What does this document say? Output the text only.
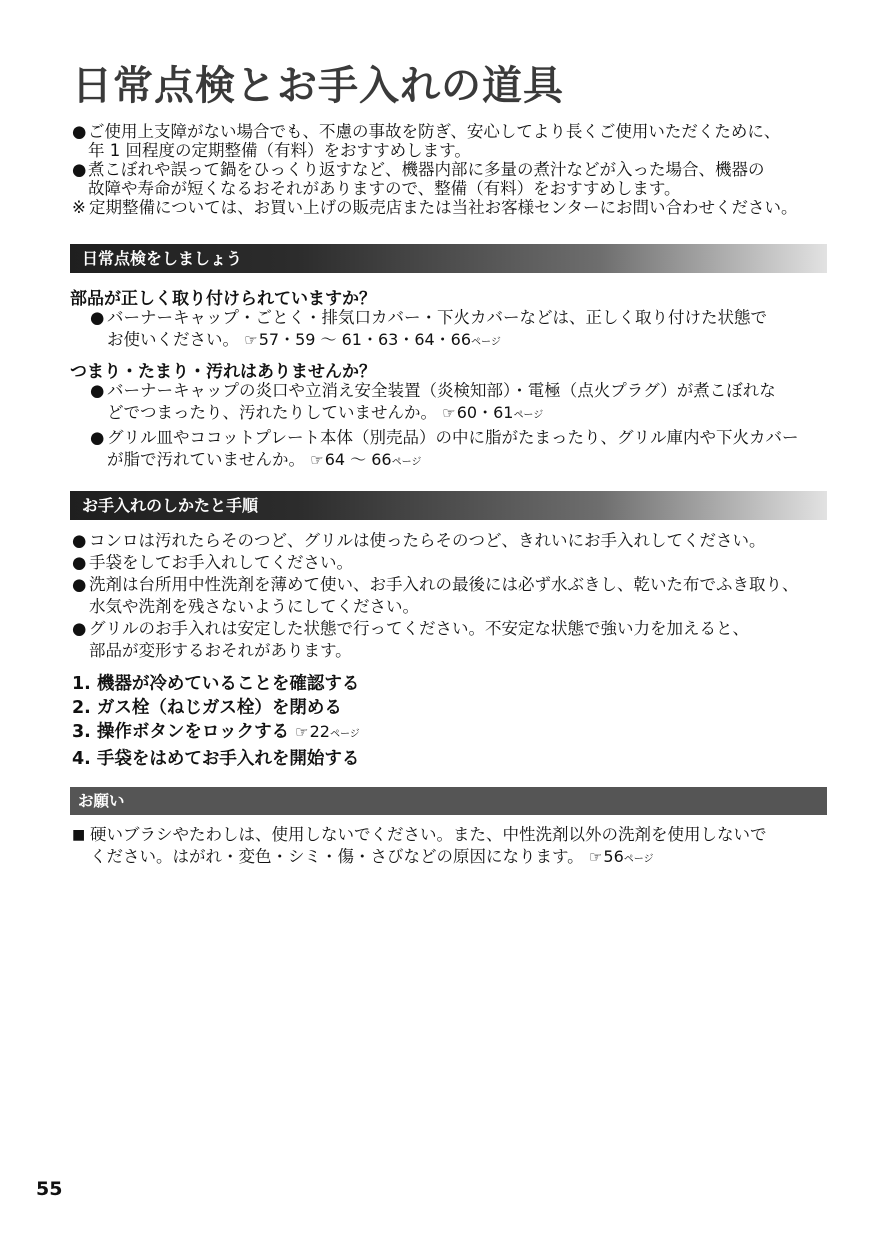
日常点検とお手入れの道具
● ご使用上支障がない場合でも、不慮の事故を防ぎ、安心してより長くご使用いただくために、
年 1 回程度の定期整備（有料）をおすすめします。
● 煮こぼれや誤って鍋をひっくり返すなど、機器内部に多量の煮汁などが入った場合、機器の
故障や寿命が短くなるおそれがありますので、整備（有料）をおすすめします。
※ 定期整備については、お買い上げの販売店または当社お客様センターにお問い合わせください。
日常点検をしましょう
部品が正しく取り付けられていますか？
● バーナーキャップ・ごとく・排気口カバー・下火カバーなどは、正しく取り付けた状態で
お使いください。 ☞57・59 ～ 61・63・64・66ページ
つまり・たまり・汚れはありませんか？
● バーナーキャップの炎口や立消え安全装置（炎検知部）・電極（点火プラグ）が煮こぼれな
どでつまったり、汚れたりしていませんか。 ☞60・61ページ
● グリル皿やココットプレート本体（別売品）の中に脂がたまったり、グリル庫内や下火カバー
が脂で汚れていませんか。 ☞64 ～ 66ページ
お手入れのしかたと手順
● コンロは汚れたらそのつど、グリルは使ったらそのつど、きれいにお手入れしてください。
● 手袋をしてお手入れしてください。
● 洗剤は台所用中性洗剤を薄めて使い、お手入れの最後には必ず水ぶきし、乾いた布でふき取り、
水気や洗剤を残さないようにしてください。
● グリルのお手入れは安定した状態で行ってください。不安定な状態で強い力を加えると、
部品が変形するおそれがあります。
1. 機器が冷めていることを確認する
2. ガス栓（ねじガス栓）を閉める
3. 操作ボタンをロックする ☞22ページ
4. 手袋をはめてお手入れを開始する
お願い
■ 硬いブラシやたわしは、使用しないでください。また、中性洗剤以外の洗剤を使用しないで
ください。はがれ・変色・シミ・傷・さびなどの原因になります。 ☞56ページ
55
